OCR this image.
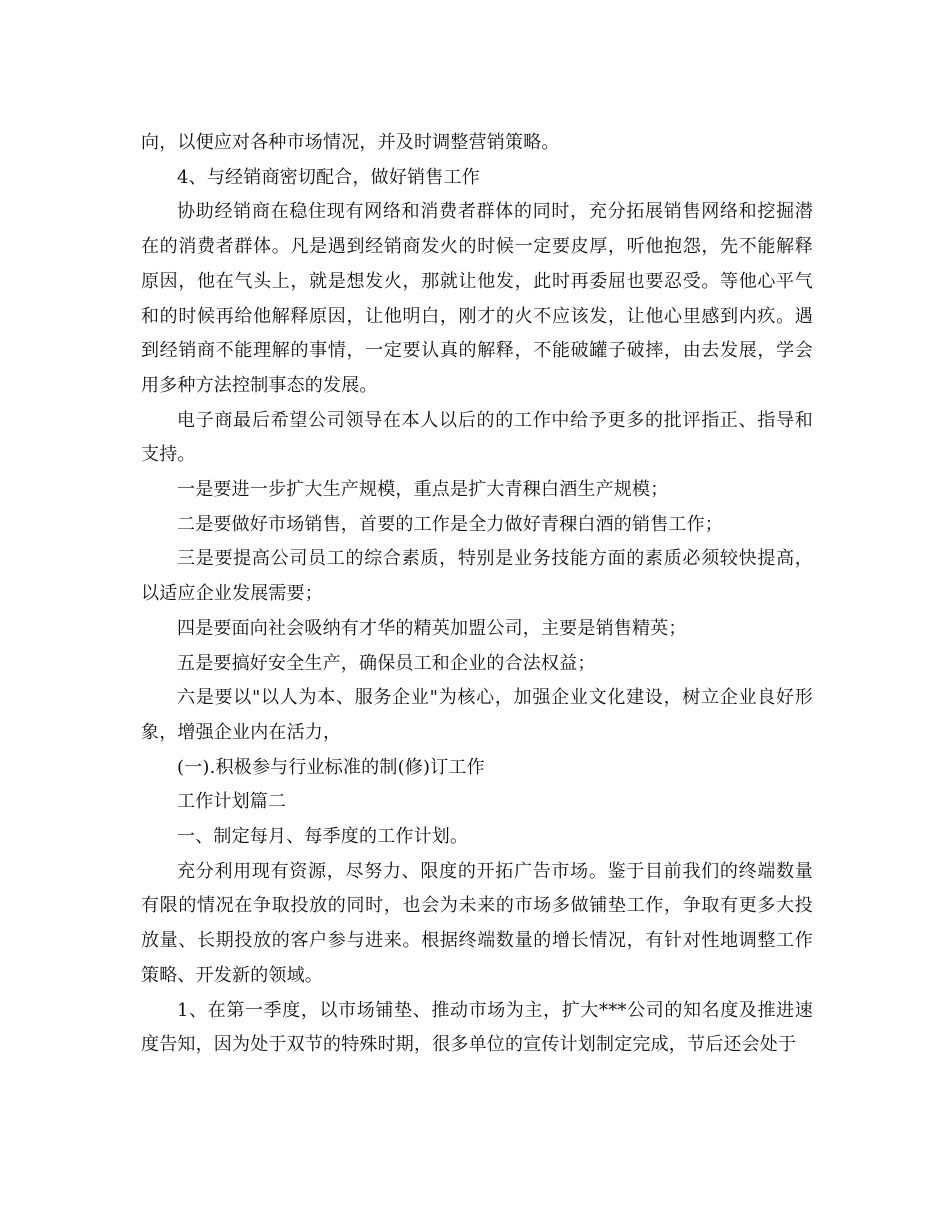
向，以便应对各种市场情况，并及时调整营销策略。

4、与经销商密切配合，做好销售工作

协助经销商在稳住现有网络和消费者群体的同时，充分拓展销售网络和挖掘潜在的消费者群体。凡是遇到经销商发火的时候一定要皮厚，听他抱怨，先不能解释原因，他在气头上，就是想发火，那就让他发，此时再委屈也要忍受。等他心平气和的时候再给他解释原因，让他明白，刚才的火不应该发，让他心里感到内疚。遇到经销商不能理解的事情，一定要认真的解释，不能破罐子破摔，由去发展，学会用多种方法控制事态的发展。

电子商最后希望公司领导在本人以后的的工作中给予更多的批评指正、指导和支持。

一是要进一步扩大生产规模，重点是扩大青稞白酒生产规模；

二是要做好市场销售，首要的工作是全力做好青稞白酒的销售工作；

三是要提高公司员工的综合素质，特别是业务技能方面的素质必须较快提高，以适应企业发展需要；

四是要面向社会吸纳有才华的精英加盟公司，主要是销售精英；

五是要搞好安全生产，确保员工和企业的合法权益；

六是要以"以人为本、服务企业"为核心，加强企业文化建设，树立企业良好形象，增强企业内在活力，

(一).积极参与行业标准的制(修)订工作

工作计划篇二

一、制定每月、每季度的工作计划。

充分利用现有资源，尽努力、限度的开拓广告市场。鉴于目前我们的终端数量有限的情况在争取投放的同时，也会为未来的市场多做铺垫工作，争取有更多大投放量、长期投放的客户参与进来。根据终端数量的增长情况，有针对性地调整工作策略、开发新的领域。

1、在第一季度，以市场铺垫、推动市场为主，扩大***公司的知名度及推进速度告知，因为处于双节的特殊时期，很多单位的宣传计划制定完成，节后还会处于
